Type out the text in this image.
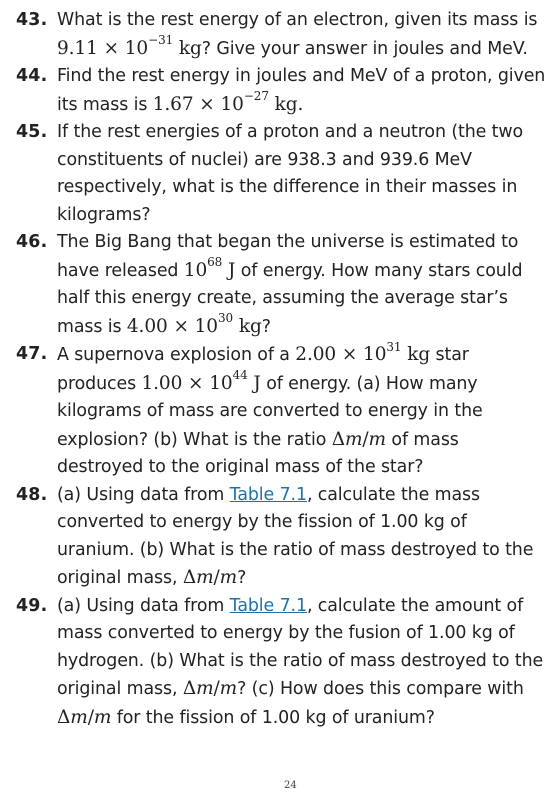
43. What is the rest energy of an electron, given its mass is $9.11 \times 10^{-31}$ kg? Give your answer in joules and MeV.
44. Find the rest energy in joules and MeV of a proton, given its mass is $1.67 \times 10^{-27}$ kg.
45. If the rest energies of a proton and a neutron (the two constituents of nuclei) are 938.3 and 939.6 MeV respectively, what is the difference in their masses in kilograms?
46. The Big Bang that began the universe is estimated to have released $10^{68}$ J of energy. How many stars could half this energy create, assuming the average star’s mass is $4.00 \times 10^{30}$ kg?
47. A supernova explosion of a $2.00 \times 10^{31}$ kg star produces $1.00 \times 10^{44}$ J of energy. (a) How many kilograms of mass are converted to energy in the explosion? (b) What is the ratio Δm/m of mass destroyed to the original mass of the star?
48. (a) Using data from Table 7.1, calculate the mass converted to energy by the fission of 1.00 kg of uranium. (b) What is the ratio of mass destroyed to the original mass, Δm/m?
49. (a) Using data from Table 7.1, calculate the amount of mass converted to energy by the fusion of 1.00 kg of hydrogen. (b) What is the ratio of mass destroyed to the original mass, Δm/m? (c) How does this compare with Δm/m for the fission of 1.00 kg of uranium?
24
